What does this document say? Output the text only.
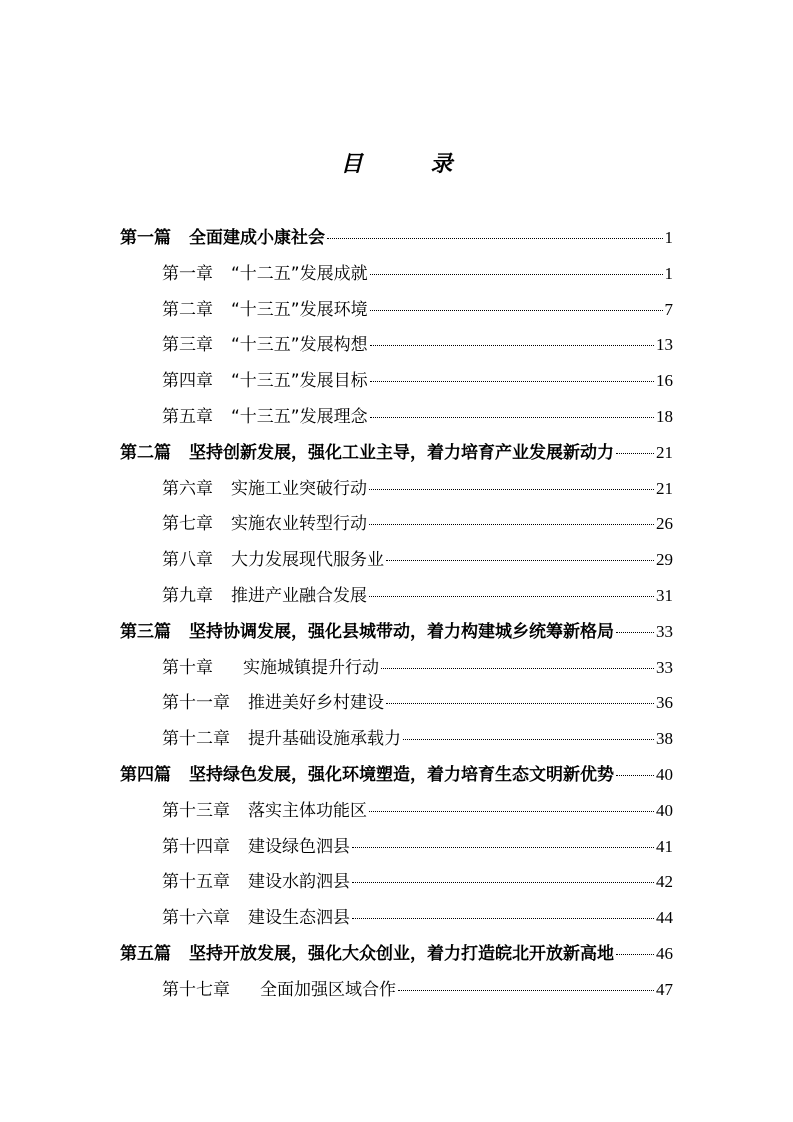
目 录
第一篇 全面建成小康社会	1
第一章 “十二五”发展成就	1
第二章 “十三五”发展环境	7
第三章 “十三五”发展构想	13
第四章 “十三五”发展目标	16
第五章 “十三五”发展理念	18
第二篇 坚持创新发展，强化工业主导，着力培育产业发展新动力 21
第六章 实施工业突破行动	21
第七章 实施农业转型行动	26
第八章 大力发展现代服务业	29
第九章 推进产业融合发展	31
第三篇 坚持协调发展，强化县城带动，着力构建城乡统筹新格局 33
第十章 实施城镇提升行动	33
第十一章 推进美好乡村建设	36
第十二章 提升基础设施承载力	38
第四篇 坚持绿色发展，强化环境塑造，着力培育生态文明新优势 40
第十三章 落实主体功能区	40
第十四章 建设绿色泗县	41
第十五章 建设水韵泗县	42
第十六章 建设生态泗县	44
第五篇 坚持开放发展，强化大众创业，着力打造皖北开放新高地 46
第十七章 全面加强区域合作	47
